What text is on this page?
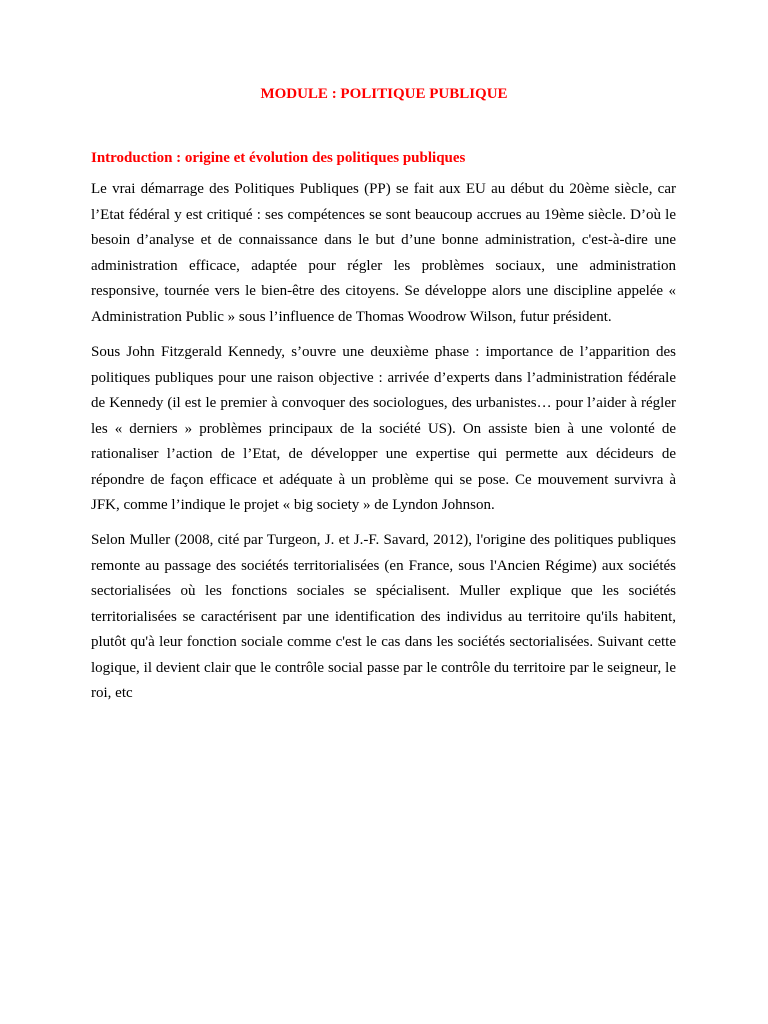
MODULE : POLITIQUE PUBLIQUE
Introduction : origine et évolution des politiques publiques

Le vrai démarrage des Politiques Publiques (PP) se fait aux EU au début du 20ème siècle, car l’Etat fédéral y est critiqué : ses compétences se sont beaucoup accrues au 19ème siècle. D’où le besoin d’analyse et de connaissance dans le but d’une bonne administration, c'est-à-dire une administration efficace, adaptée pour régler les problèmes sociaux, une administration responsive, tournée vers le bien-être des citoyens. Se développe alors une discipline appelée « Administration Public » sous l’influence de Thomas Woodrow Wilson, futur président.

Sous John Fitzgerald Kennedy, s’ouvre une deuxième phase : importance de l’apparition des politiques publiques pour une raison objective : arrivée d’experts dans l’administration fédérale de Kennedy (il est le premier à convoquer des sociologues, des urbanistes… pour l’aider à régler les « derniers » problèmes principaux de la société US). On assiste bien à une volonté de rationaliser l’action de l’Etat, de développer une expertise qui permette aux décideurs de répondre de façon efficace et adéquate à un problème qui se pose. Ce mouvement survivra à JFK, comme l’indique le projet « big society » de Lyndon Johnson.

Selon Muller (2008, cité par Turgeon, J. et J.-F. Savard, 2012), l'origine des politiques publiques remonte au passage des sociétés territorialisées (en France, sous l'Ancien Régime) aux sociétés sectorialisées où les fonctions sociales se spécialisent. Muller explique que les sociétés territorialisées se caractérisent par une identification des individus au territoire qu'ils habitent, plutôt qu'à leur fonction sociale comme c'est le cas dans les sociétés sectorialisées. Suivant cette logique, il devient clair que le contrôle social passe par le contrôle du territoire par le seigneur, le roi, etc
